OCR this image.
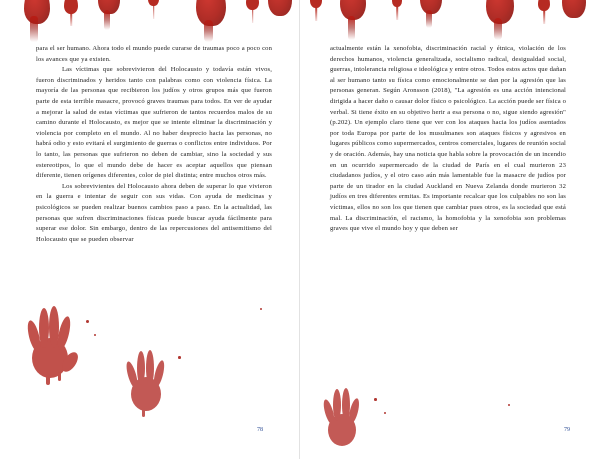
para el ser humano. Ahora todo el mundo puede curarse de traumas poco a poco con los avances que ya existen.

Las víctimas que sobrevivieron del Holocausto y todavía están vivos, fueron discriminados y heridos tanto con palabras como con violencia física. La mayoría de las personas que recibieron los judíos y otros grupos más que fueron parte de esta terrible masacre, provocó graves traumas para todos. En ver de ayudar a mejorar la salud de estas víctimas que sufrieron de tantos recuerdos malos de su camino durante el Holocausto, es mejor que se intente eliminar la discriminación y violencia por completo en el mundo. Al no haber desprecio hacia las personas, no habrá odio y esto evitará el surgimiento de guerras o conflictos entre individuos. Por lo tanto, las personas que sufrieron no deben de cambiar, sino la sociedad y sus estereotipos, lo que el mundo debe de hacer es aceptar aquellos que piensan diferente, tienen orígenes diferentes, color de piel distinta; entre muchos otros más.

Los sobrevivientes del Holocausto ahora deben de superar lo que vivieron en la guerra e intentar de seguir con sus vidas. Con ayuda de medicinas y psicológicos se pueden realizar buenos cambios paso a paso. En la actualidad, las personas que sufren discriminaciones físicas puede buscar ayuda fácilmente para superar ese dolor. Sin embargo, dentro de las repercusiones del antisemitismo del Holocausto que se pueden observar

78

actualmente están la xenofobia, discriminación racial y étnica, violación de los derechos humanos, violencia generalizada, socialismo radical, desigualdad social, guerras, intolerancia religiosa e ideológica y entre otros. Todos estos actos que dañan al ser humano tanto su física como emocionalmente se dan por la agresión que las personas generan. Según Aronsson (2018), "La agresión es una acción intencional dirigida a hacer daño o causar dolor físico o psicológico. La acción puede ser física o verbal. Si tiene éxito en su objetivo herir a esa persona o no, sigue siendo agresión" (p.202). Un ejemplo claro tiene que ver con los ataques hacia los judíos asentados por toda Europa por parte de los musulmanes son ataques físicos y agresivos en lugares públicos como supermercados, centros comerciales, lugares de reunión social y de oración. Además, hay una noticia que habla sobre la provocación de un incendio en un ocurrido supermercado de la ciudad de París en el cual murieron 23 ciudadanos judíos, y el otro caso aún más lamentable fue la masacre de judíos por parte de un tirador en la ciudad Auckland en Nueva Zelanda donde murieron 32 judíos en tres diferentes ermitas. Es importante recalcar que los culpables no son las víctimas, ellos no son los que tienen que cambiar pues otros, es la sociedad que está mal. La discriminación, el racismo, la homofobia y la xenofobia son problemas graves que vive el mundo hoy y que deben ser

79
